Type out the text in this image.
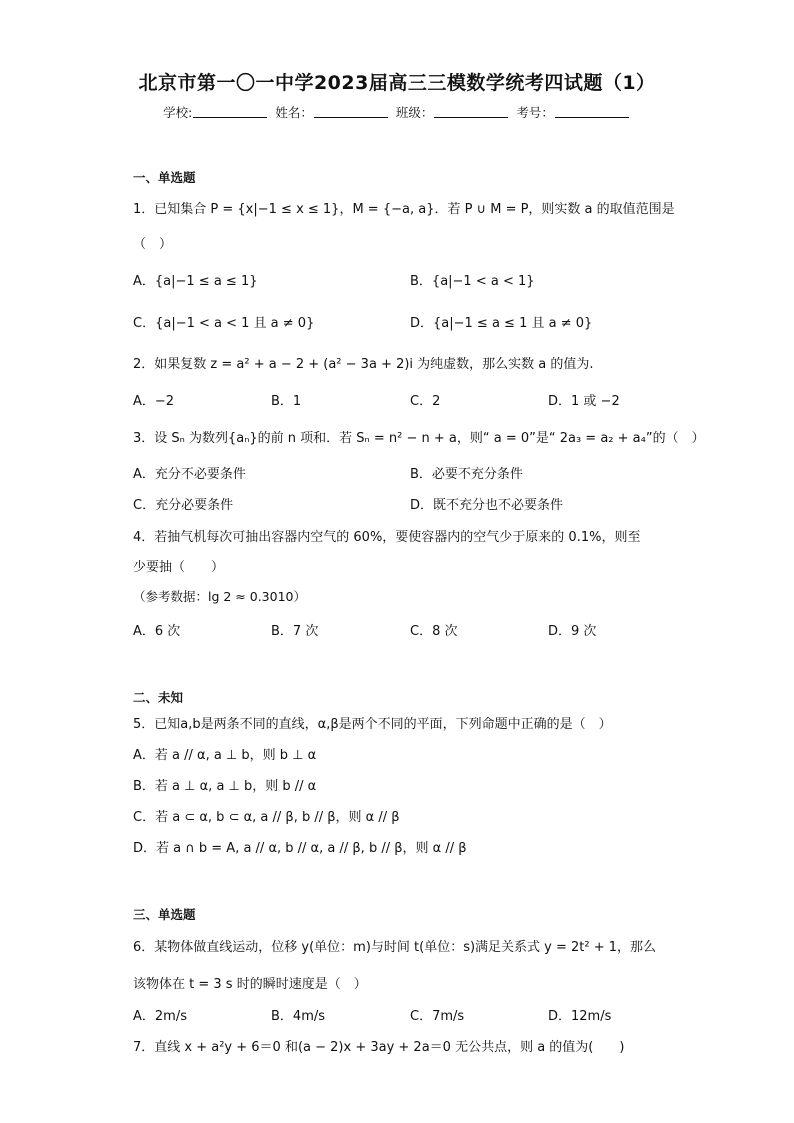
北京市第一〇一中学2023届高三三模数学统考四试题（1）
学校:	姓名：	班级：	考号：
一、单选题
1．已知集合 P = {x|−1 ≤ x ≤ 1}，M = {−a, a}．若 P ∪ M = P，则实数 a 的取值范围是
（　）
A．{a|−1 ≤ a ≤ 1}	B．{a|−1 < a < 1}
C．{a|−1 < a < 1 且 a ≠ 0}	D．{a|−1 ≤ a ≤ 1 且 a ≠ 0}
2．如果复数 z = a² + a − 2 + (a² − 3a + 2)i 为纯虚数，那么实数 a 的值为.
A．−2	B．1	C．2	D．1 或 −2
3．设 Sₙ 为数列{aₙ}的前 n 项和．若 Sₙ = n² − n + a，则“ a = 0”是“ 2a₃ = a₂ + a₄”的（　）
A．充分不必要条件	B．必要不充分条件
C．充分必要条件	D．既不充分也不必要条件
4．若抽气机每次可抽出容器内空气的 60%，要使容器内的空气少于原来的 0.1%，则至
少要抽（　　）
（参考数据：lg 2 ≈ 0.3010）
A．6 次	B．7 次	C．8 次	D．9 次
二、未知
5．已知a,b是两条不同的直线，α,β是两个不同的平面，下列命题中正确的是（　）
A．若 a // α, a ⊥ b，则 b ⊥ α
B．若 a ⊥ α, a ⊥ b，则 b // α
C．若 a ⊂ α, b ⊂ α, a // β, b // β，则 α // β
D．若 a ∩ b = A, a // α, b // α, a // β, b // β，则 α // β
三、单选题
6．某物体做直线运动，位移 y(单位：m)与时间 t(单位：s)满足关系式 y = 2t² + 1，那么
该物体在 t = 3 s 时的瞬时速度是（　）
A．2m/s	B．4m/s	C．7m/s	D．12m/s
7．直线 x + a²y + 6＝0 和(a − 2)x + 3ay + 2a＝0 无公共点，则 a 的值为(　　)
